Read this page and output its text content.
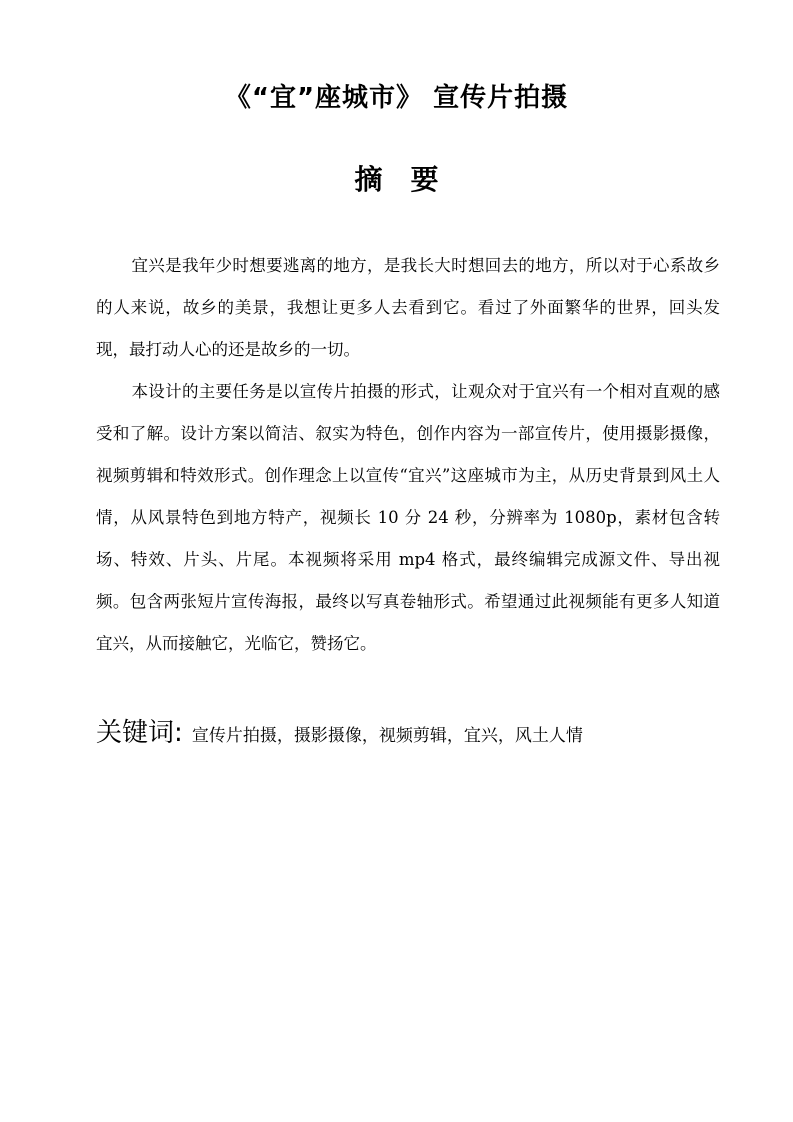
《“宜”座城市》 宣传片拍摄
摘要

宜兴是我年少时想要逃离的地方，是我长大时想回去的地方，所以对于心系故乡的人来说，故乡的美景，我想让更多人去看到它。看过了外面繁华的世界，回头发现，最打动人心的还是故乡的一切。

本设计的主要任务是以宣传片拍摄的形式，让观众对于宜兴有一个相对直观的感受和了解。设计方案以简洁、叙实为特色，创作内容为一部宣传片，使用摄影摄像，视频剪辑和特效形式。创作理念上以宣传“宜兴”这座城市为主，从历史背景到风土人情，从风景特色到地方特产，视频长 10 分 24 秒，分辨率为 1080p，素材包含转场、特效、片头、片尾。本视频将采用 mp4 格式，最终编辑完成源文件、导出视频。包含两张短片宣传海报，最终以写真卷轴形式。希望通过此视频能有更多人知道宜兴，从而接触它，光临它，赞扬它。

关键词: 宣传片拍摄，摄影摄像，视频剪辑，宜兴，风土人情
